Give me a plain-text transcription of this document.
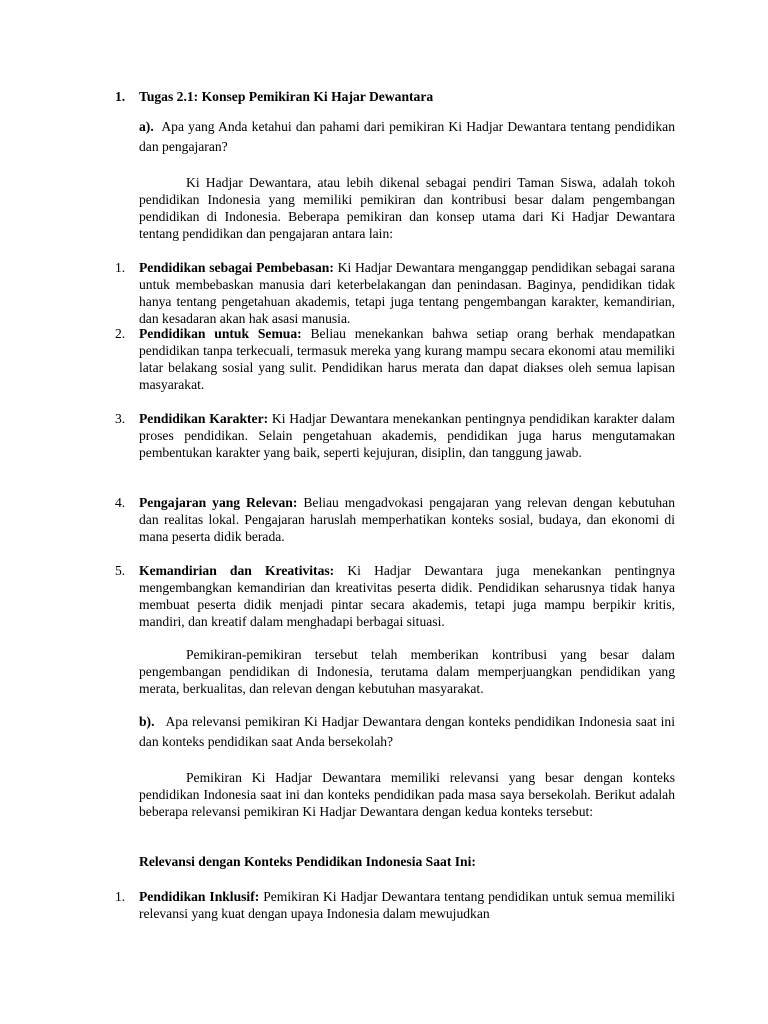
1.	Tugas 2.1: Konsep Pemikiran Ki Hajar Dewantara
a). Apa yang Anda ketahui dan pahami dari pemikiran Ki Hadjar Dewantara tentang pendidikan dan pengajaran?
Ki Hadjar Dewantara, atau lebih dikenal sebagai pendiri Taman Siswa, adalah tokoh pendidikan Indonesia yang memiliki pemikiran dan kontribusi besar dalam pengembangan pendidikan di Indonesia. Beberapa pemikiran dan konsep utama dari Ki Hadjar Dewantara tentang pendidikan dan pengajaran antara lain:
1.	Pendidikan sebagai Pembebasan: Ki Hadjar Dewantara menganggap pendidikan sebagai sarana untuk membebaskan manusia dari keterbelakangan dan penindasan. Baginya, pendidikan tidak hanya tentang pengetahuan akademis, tetapi juga tentang pengembangan karakter, kemandirian, dan kesadaran akan hak asasi manusia.
2.	Pendidikan untuk Semua: Beliau menekankan bahwa setiap orang berhak mendapatkan pendidikan tanpa terkecuali, termasuk mereka yang kurang mampu secara ekonomi atau memiliki latar belakang sosial yang sulit. Pendidikan harus merata dan dapat diakses oleh semua lapisan masyarakat.
3.	Pendidikan Karakter: Ki Hadjar Dewantara menekankan pentingnya pendidikan karakter dalam proses pendidikan. Selain pengetahuan akademis, pendidikan juga harus mengutamakan pembentukan karakter yang baik, seperti kejujuran, disiplin, dan tanggung jawab.
4.	Pengajaran yang Relevan: Beliau mengadvokasi pengajaran yang relevan dengan kebutuhan dan realitas lokal. Pengajaran haruslah memperhatikan konteks sosial, budaya, dan ekonomi di mana peserta didik berada.
5.	Kemandirian dan Kreativitas: Ki Hadjar Dewantara juga menekankan pentingnya mengembangkan kemandirian dan kreativitas peserta didik. Pendidikan seharusnya tidak hanya membuat peserta didik menjadi pintar secara akademis, tetapi juga mampu berpikir kritis, mandiri, dan kreatif dalam menghadapi berbagai situasi.
Pemikiran-pemikiran tersebut telah memberikan kontribusi yang besar dalam pengembangan pendidikan di Indonesia, terutama dalam memperjuangkan pendidikan yang merata, berkualitas, dan relevan dengan kebutuhan masyarakat.
b). Apa relevansi pemikiran Ki Hadjar Dewantara dengan konteks pendidikan Indonesia saat ini dan konteks pendidikan saat Anda bersekolah?
Pemikiran Ki Hadjar Dewantara memiliki relevansi yang besar dengan konteks pendidikan Indonesia saat ini dan konteks pendidikan pada masa saya bersekolah. Berikut adalah beberapa relevansi pemikiran Ki Hadjar Dewantara dengan kedua konteks tersebut:
Relevansi dengan Konteks Pendidikan Indonesia Saat Ini:
1.	Pendidikan Inklusif: Pemikiran Ki Hadjar Dewantara tentang pendidikan untuk semua memiliki relevansi yang kuat dengan upaya Indonesia dalam mewujudkan
